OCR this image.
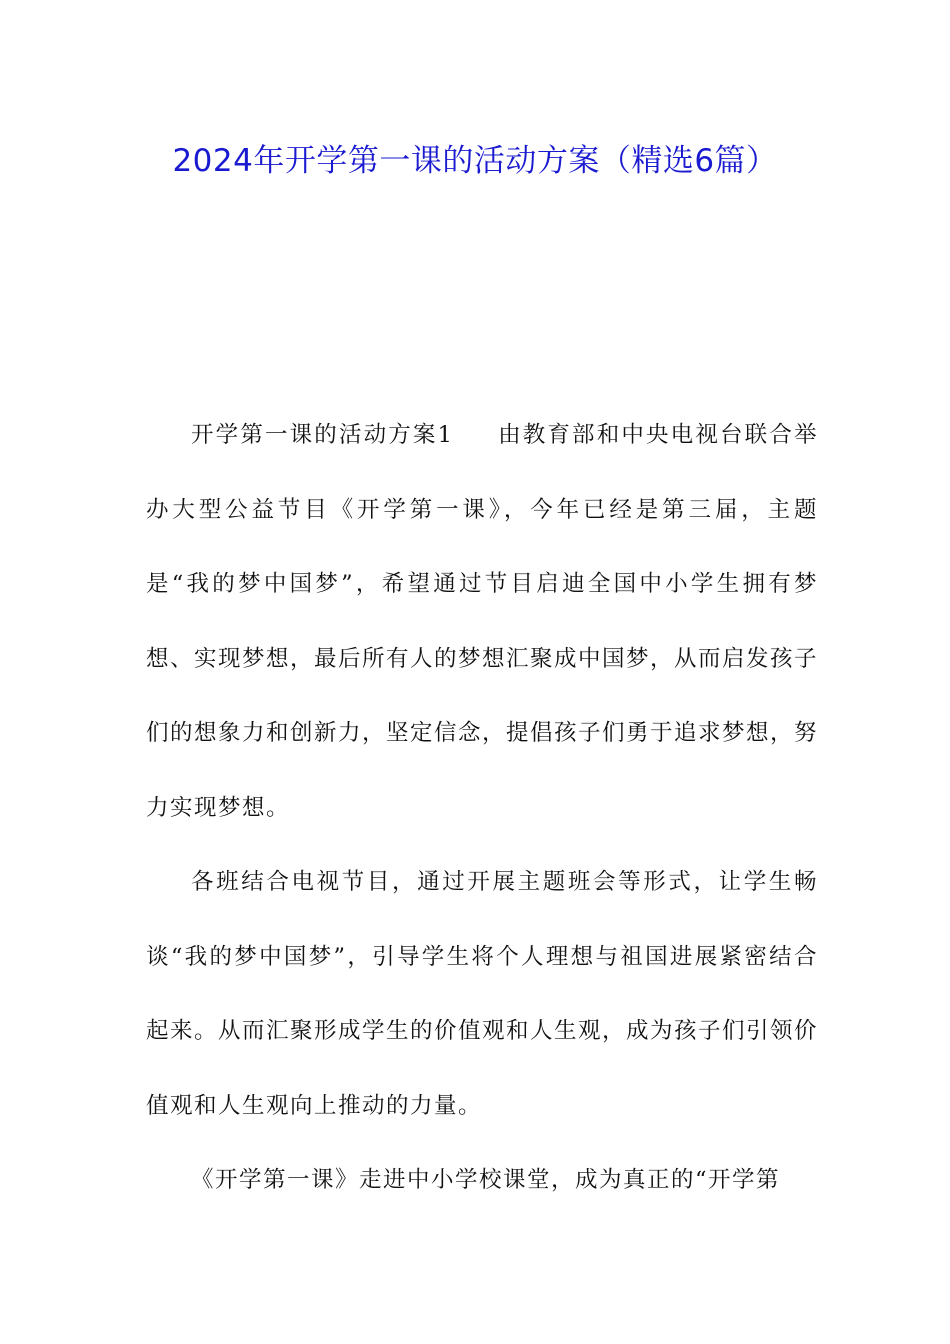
2024年开学第一课的活动方案（精选6篇）

开学第一课的活动方案1 由教育部和中央电视台联合举办大型公益节目《开学第一课》，今年已经是第三届，主题是“我的梦中国梦”，希望通过节目启迪全国中小学生拥有梦想、实现梦想，最后所有人的梦想汇聚成中国梦，从而启发孩子们的想象力和创新力，坚定信念，提倡孩子们勇于追求梦想，努力实现梦想。

各班结合电视节目，通过开展主题班会等形式，让学生畅谈“我的梦中国梦”，引导学生将个人理想与祖国进展紧密结合起来。从而汇聚形成学生的价值观和人生观，成为孩子们引领价值观和人生观向上推动的力量。

《开学第一课》走进中小学校课堂，成为真正的“开学第
